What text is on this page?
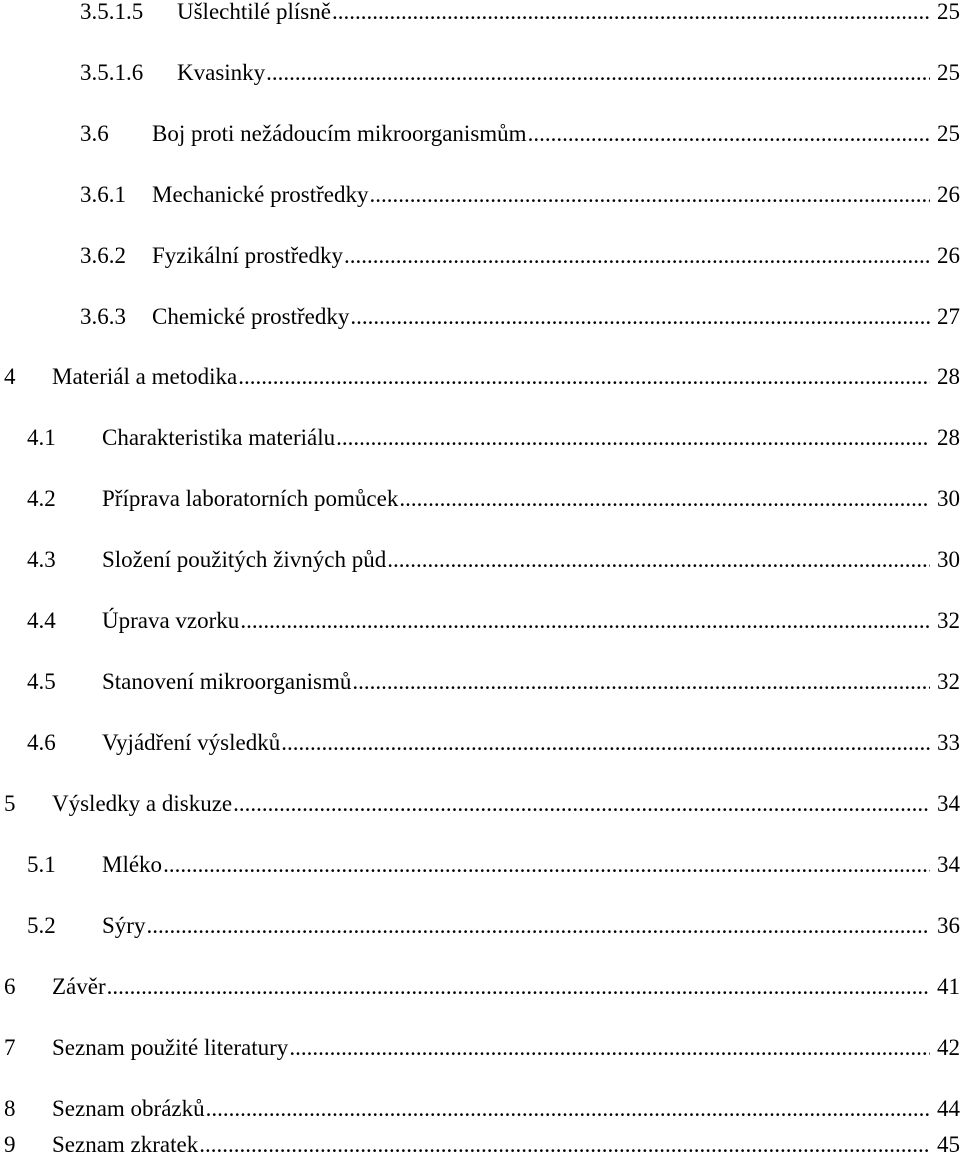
3.5.1.5	Ušlechtilé plísně .....	25
3.5.1.6	Kvasinky .....	25
3.6	Boj proti nežádoucím mikroorganismům .....	25
3.6.1	Mechanické prostředky .....	26
3.6.2	Fyzikální prostředky .....	26
3.6.3	Chemické prostředky .....	27
4	Materiál a metodika .....	28
4.1	Charakteristika materiálu .....	28
4.2	Příprava laboratorních pomůcek .....	30
4.3	Složení použitých živných půd .....	30
4.4	Úprava vzorku .....	32
4.5	Stanovení mikroorganismů .....	32
4.6	Vyjádření výsledků .....	33
5	Výsledky a diskuze .....	34
5.1	Mléko .....	34
5.2	Sýry .....	36
6	Závěr .....	41
7	Seznam použité literatury .....	42
8	Seznam obrázků .....	44
9	Seznam zkratek .....	45
